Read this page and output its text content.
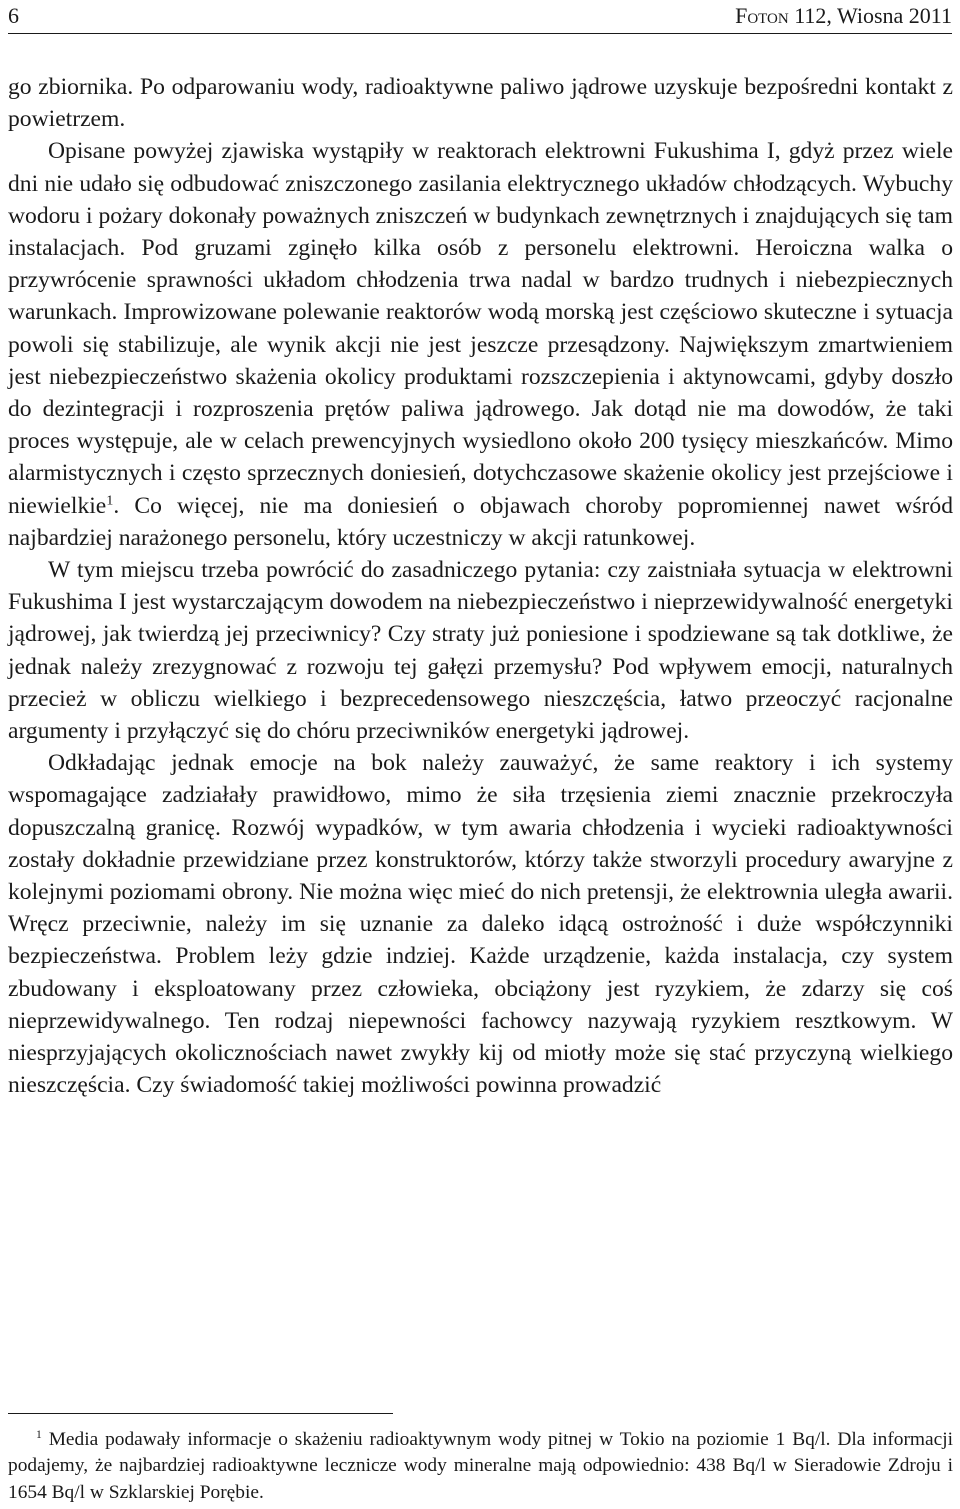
6	Foton 112, Wiosna 2011

go zbiornika. Po odparowaniu wody, radioaktywne paliwo jądrowe uzyskuje bezpośredni kontakt z powietrzem.

Opisane powyżej zjawiska wystąpiły w reaktorach elektrowni Fukushima I, gdyż przez wiele dni nie udało się odbudować zniszczonego zasilania elektrycznego układów chłodzących. Wybuchy wodoru i pożary dokonały poważnych zniszczeń w budynkach zewnętrznych i znajdujących się tam instalacjach. Pod gruzami zginęło kilka osób z personelu elektrowni. Heroiczna walka o przywrócenie sprawności układom chłodzenia trwa nadal w bardzo trudnych i niebezpiecznych warunkach. Improwizowane polewanie reaktorów wodą morską jest częściowo skuteczne i sytuacja powoli się stabilizuje, ale wynik akcji nie jest jeszcze przesądzony. Największym zmartwieniem jest niebezpieczeństwo skażenia okolicy produktami rozszczepienia i aktynowcami, gdyby doszło do dezintegracji i rozproszenia prętów paliwa jądrowego. Jak dotąd nie ma dowodów, że taki proces występuje, ale w celach prewencyjnych wysiedlono około 200 tysięcy mieszkańców. Mimo alarmistycznych i często sprzecznych doniesień, dotychczasowe skażenie okolicy jest przejściowe i niewielkie$^1$. Co więcej, nie ma doniesień o objawach choroby popromiennej nawet wśród najbardziej narażonego personelu, który uczestniczy w akcji ratunkowej.

W tym miejscu trzeba powrócić do zasadniczego pytania: czy zaistniała sytuacja w elektrowni Fukushima I jest wystarczającym dowodem na niebezpieczeństwo i nieprzewidywalność energetyki jądrowej, jak twierdzą jej przeciwnicy? Czy straty już poniesione i spodziewane są tak dotkliwe, że jednak należy zrezygnować z rozwoju tej gałęzi przemysłu? Pod wpływem emocji, naturalnych przecież w obliczu wielkiego i bezprecedensowego nieszczęścia, łatwo przeoczyć racjonalne argumenty i przyłączyć się do chóru przeciwników energetyki jądrowej.

Odkładając jednak emocje na bok należy zauważyć, że same reaktory i ich systemy wspomagające zadziałały prawidłowo, mimo że siła trzęsienia ziemi znacznie przekroczyła dopuszczalną granicę. Rozwój wypadków, w tym awaria chłodzenia i wycieki radioaktywności zostały dokładnie przewidziane przez konstruktorów, którzy także stworzyli procedury awaryjne z kolejnymi poziomami obrony. Nie można więc mieć do nich pretensji, że elektrownia uległa awarii. Wręcz przeciwnie, należy im się uznanie za daleko idącą ostrożność i duże współczynniki bezpieczeństwa. Problem leży gdzie indziej. Każde urządzenie, każda instalacja, czy system zbudowany i eksploatowany przez człowieka, obciążony jest ryzykiem, że zdarzy się coś nieprzewidywalnego. Ten rodzaj niepewności fachowcy nazywają ryzykiem resztkowym. W niesprzyjających okolicznościach nawet zwykły kij od miotły może się stać przyczyną wielkiego nieszczęścia. Czy świadomość takiej możliwości powinna prowadzić

$^1$ Media podawały informacje o skażeniu radioaktywnym wody pitnej w Tokio na poziomie 1 Bq/l. Dla informacji podajemy, że najbardziej radioaktywne lecznicze wody mineralne mają odpowiednio: 438 Bq/l w Sieradowie Zdroju i 1654 Bq/l w Szklarskiej Porębie.
